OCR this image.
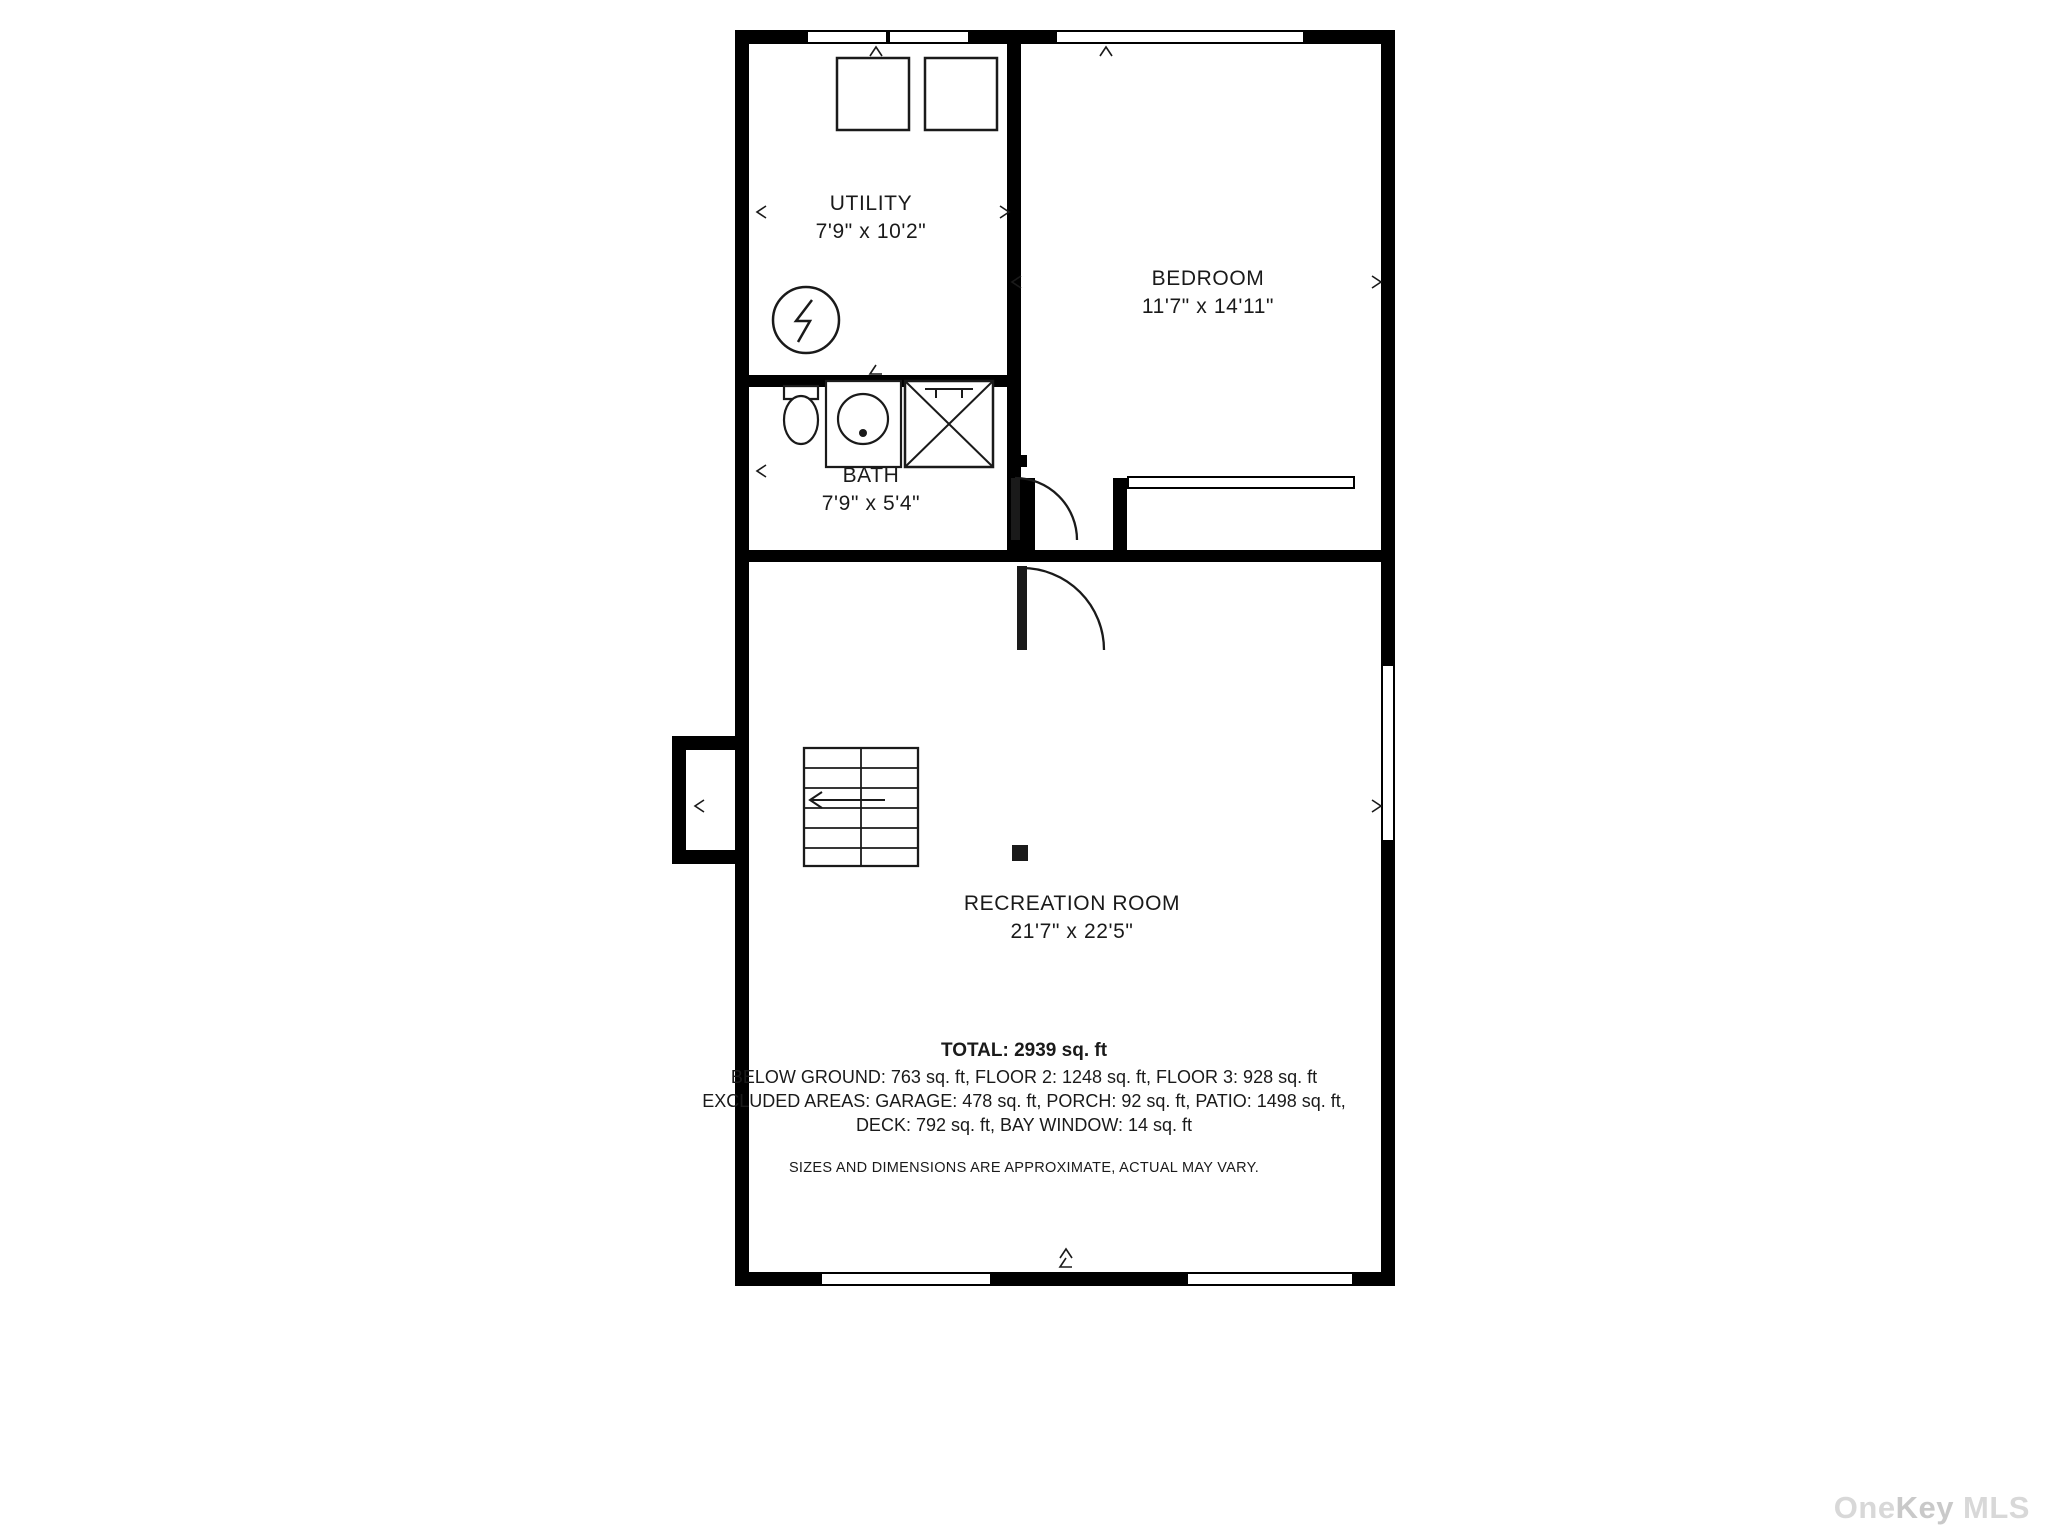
UTILITY
7'9" x 10'2"
BEDROOM
11'7" x 14'11"
BATH
7'9" x 5'4"
RECREATION ROOM
21'7" x 22'5"
TOTAL: 2939 sq. ft
BELOW GROUND: 763 sq. ft, FLOOR 2: 1248 sq. ft, FLOOR 3: 928 sq. ft
EXCLUDED AREAS: GARAGE: 478 sq. ft, PORCH: 92 sq. ft, PATIO: 1498 sq. ft,
DECK: 792 sq. ft, BAY WINDOW: 14 sq. ft
SIZES AND DIMENSIONS ARE APPROXIMATE, ACTUAL MAY VARY.
OneKey MLS
